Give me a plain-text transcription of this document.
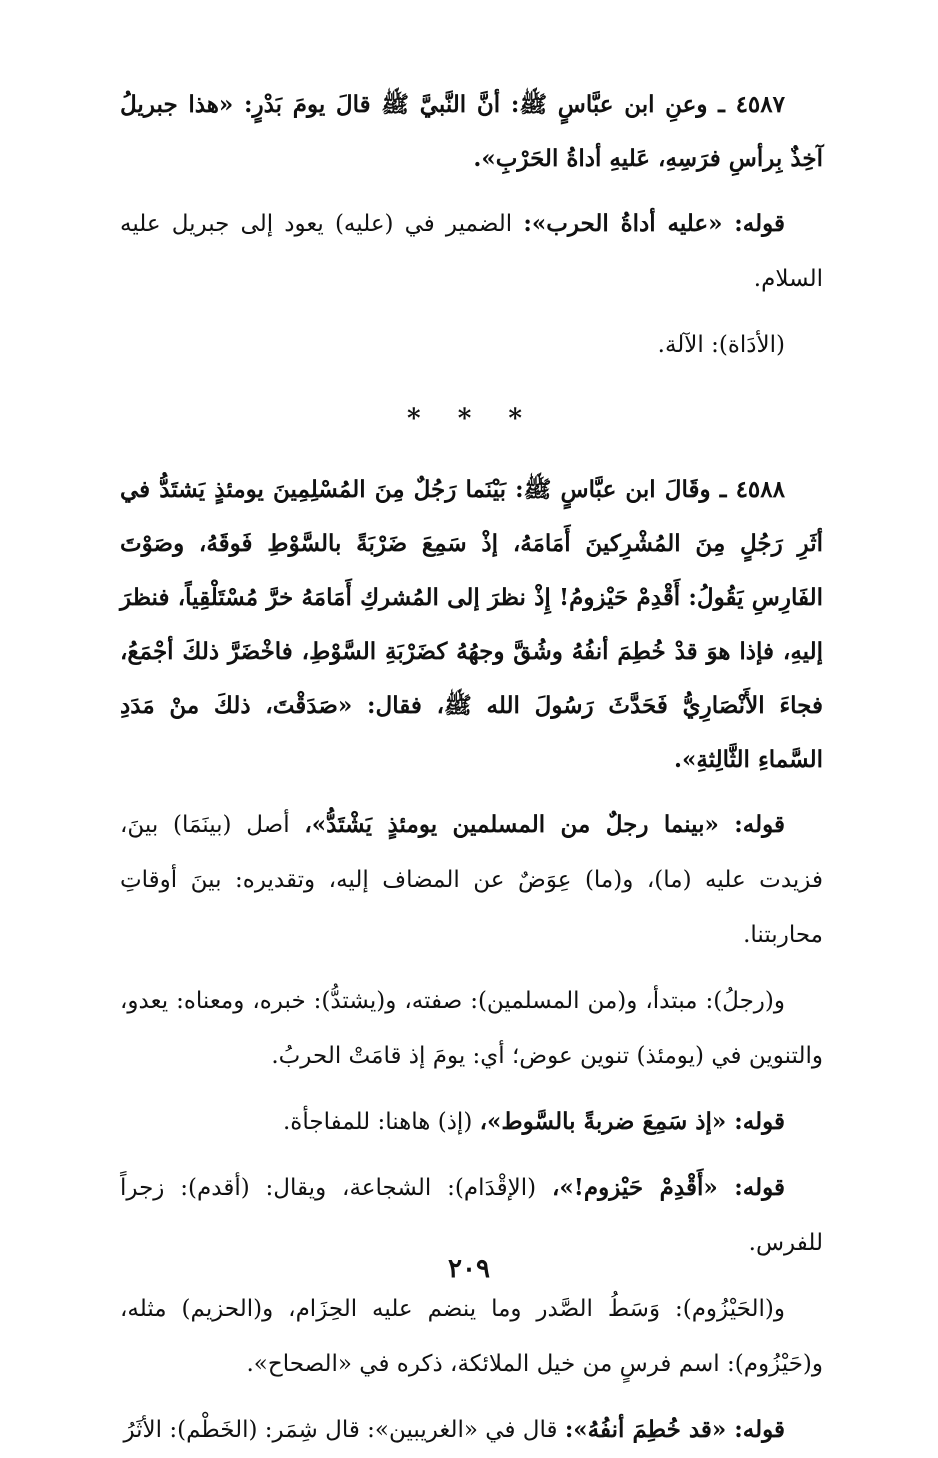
٤٥٨٧ ـ وعنِ ابن عبَّاسٍ ﷺ: أنَّ النَّبيَّ ﷺ قالَ يومَ بَدْرٍ: «هذا جبريلُ آخِذٌ بِرأسِ فرَسِهِ، عَليهِ أداةُ الحَرْبِ».

قوله: «عليه أداةُ الحرب»: الضمير في (عليه) يعود إلى جبريل عليه السلام.

(الأدَاة): الآلة.

* * *

٤٥٨٨ ـ وقَالَ ابن عبَّاسٍ ﷺ: بَيْنَما رَجُلٌ مِنَ المُسْلِمِينَ يومئذٍ يَشتَدُّ في أثَرِ رَجُلٍ مِنَ المُشْرِكينَ أَمَامَهُ، إذْ سَمِعَ ضَرْبَةً بالسَّوْطِ فَوقَهُ، وصَوْتَ الفَارِسِ يَقُولُ: أَقْدِمْ حَيْزومُ! إِذْ نظرَ إلى المُشركِ أَمَامَهُ خرَّ مُسْتَلْقِياً، فنظرَ إليهِ، فإذا هوَ قدْ خُطِمَ أنفُهُ وشُقَّ وجهُهُ كضَرْبَةِ السَّوْطِ، فاخْضَرَّ ذلكَ أجْمَعُ، فجاءَ الأَنْصَارِيُّ فَحَدَّثَ رَسُولَ الله ﷺ، فقال: «صَدَقْتَ، ذلكَ منْ مَدَدِ السَّماءِ الثَّالِثةِ».

قوله: «بينما رجلٌ من المسلمين يومئذٍ يَشْتَدُّ»، أصل (بينَمَا) بينَ، فزيدت عليه (ما)، و(ما) عِوَضٌ عن المضاف إليه، وتقديره: بينَ أوقاتِ محاربتنا.

و(رجلُ): مبتدأ، و(من المسلمين): صفته، و(يشتدُّ): خبره، ومعناه: يعدو، والتنوين في (يومئذ) تنوين عوض؛ أي: يومَ إذ قامَتْ الحربُ.

قوله: «إذ سَمِعَ ضربةً بالسَّوط»، (إذ) هاهنا: للمفاجأة.

قوله: «أَقْدِمْ حَيْزوم!»، (الإقْدَام): الشجاعة، ويقال: (أقدم): زجراً للفرس.

و(الحَيْزُوم): وَسَطُ الصَّدر وما ينضم عليه الحِزَام، و(الحزيم) مثله، و(حَيْزُوم): اسم فرسٍ من خيل الملائكة، ذكره في «الصحاح».

قوله: «قد خُطِمَ أنفُهُ»: قال في «الغريبين»: قال شِمَر: (الخَطْم): الأثَرُ

٢٠٩
